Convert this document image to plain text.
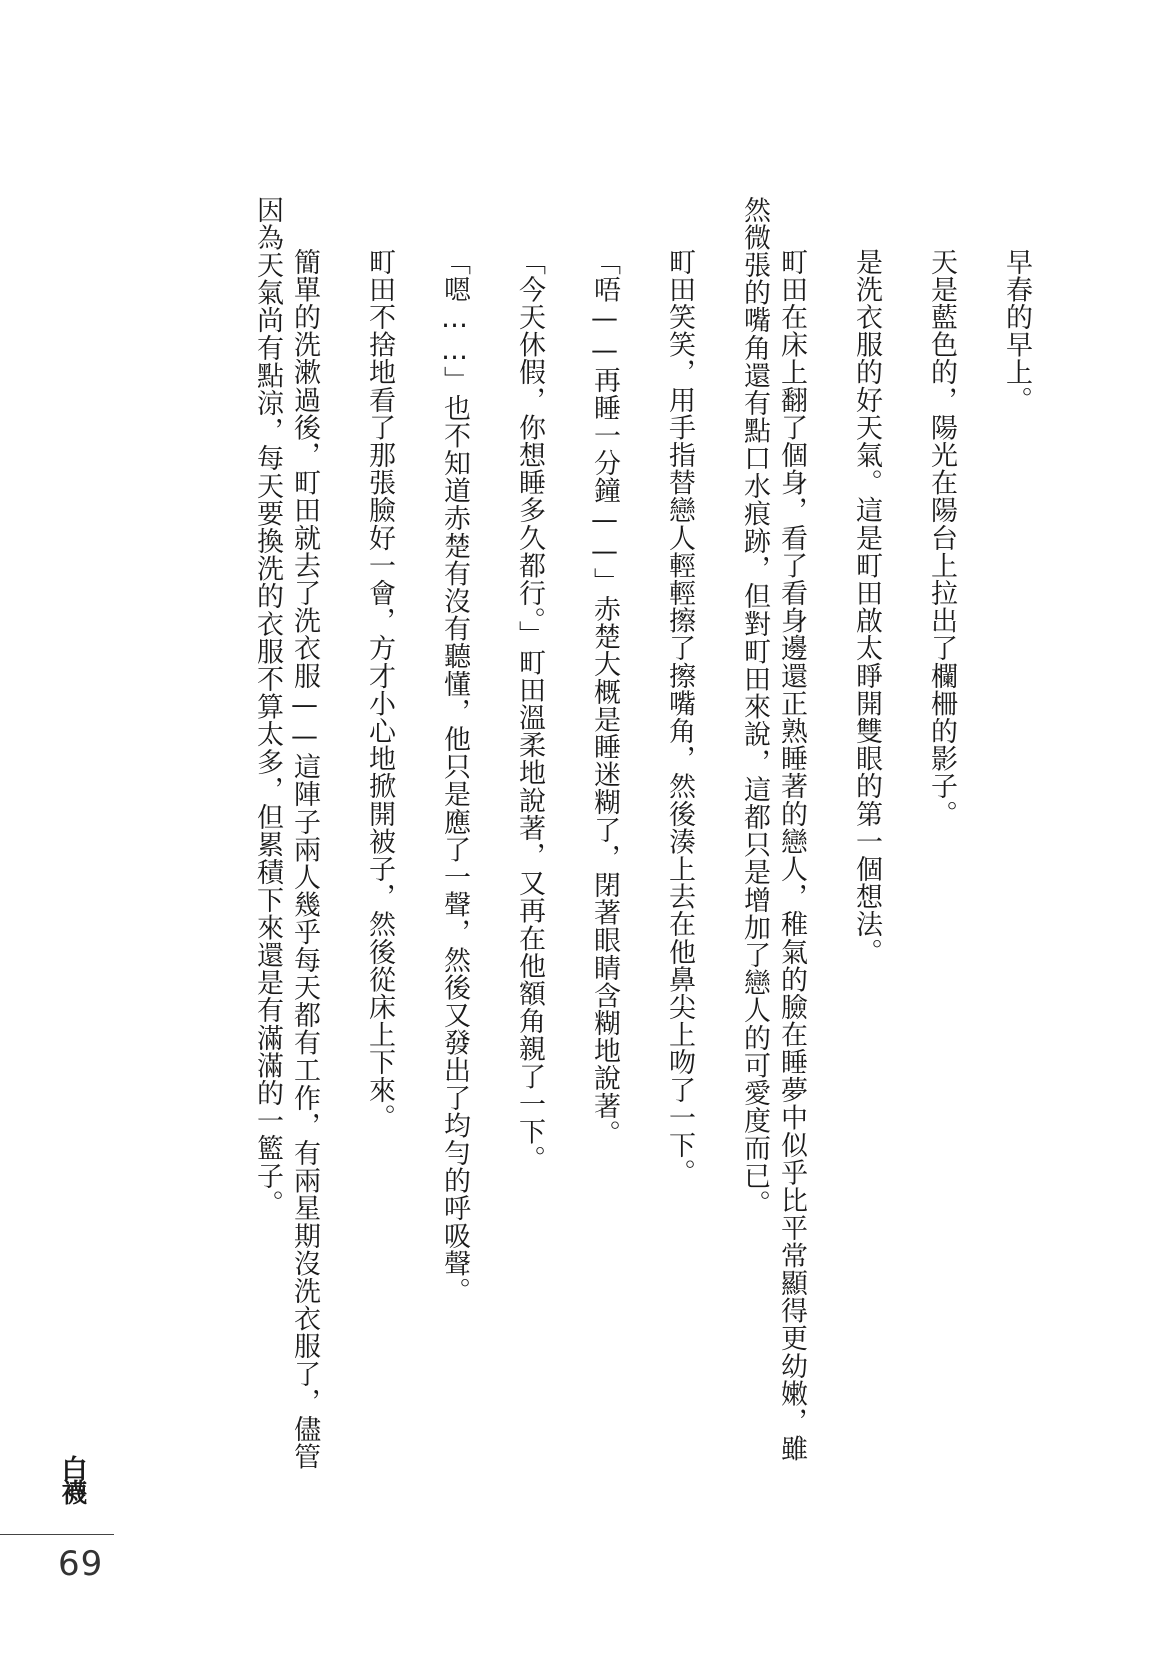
早春的早上。
天是藍色的，陽光在陽台上拉出了欄柵的影子。
是洗衣服的好天氣。這是町田啟太睜開雙眼的第一個想法。
町田在床上翻了個身，看了看身邊還正熟睡著的戀人，稚氣的臉在睡夢中似乎比平常顯得更幼嫩，雖
然微張的嘴角還有點口水痕跡，但對町田來說，這都只是增加了戀人的可愛度而已。
町田笑笑，用手指替戀人輕輕擦了擦嘴角，然後湊上去在他鼻尖上吻了一下。
「唔——再睡一分鐘——」赤楚大概是睡迷糊了，閉著眼睛含糊地說著。
「今天休假，你想睡多久都行。」町田溫柔地說著，又再在他額角親了一下。
「嗯……」也不知道赤楚有沒有聽懂，他只是應了一聲，然後又發出了均勻的呼吸聲。
町田不捨地看了那張臉好一會，方才小心地掀開被子，然後從床上下來。
簡單的洗漱過後，町田就去了洗衣服——這陣子兩人幾乎每天都有工作，有兩星期沒洗衣服了，儘管
因為天氣尚有點涼，每天要換洗的衣服不算太多，但累積下來還是有滿滿的一籃子。
白襪
69
